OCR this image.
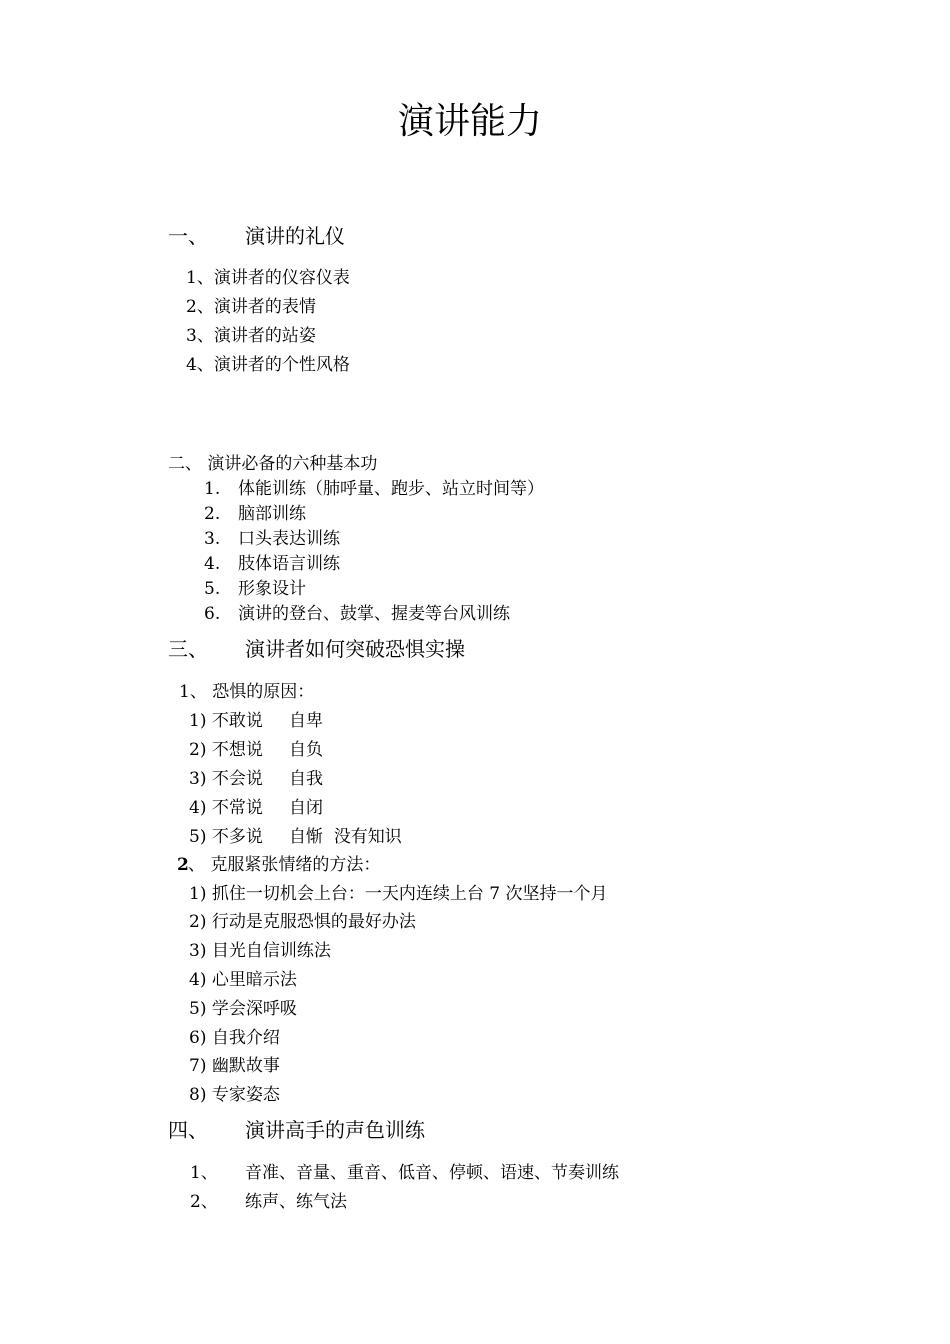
演讲能力
一、 演讲的礼仪
1、演讲者的仪容仪表
2、演讲者的表情
3、演讲者的站姿
4、演讲者的个性风格
二、 演讲必备的六种基本功
1. 体能训练（肺呼量、跑步、站立时间等）
2. 脑部训练
3. 口头表达训练
4. 肢体语言训练
5. 形象设计
6. 演讲的登台、鼓掌、握麦等台风训练
三、 演讲者如何突破恐惧实操
1、 恐惧的原因：
1) 不敢说 自卑
2) 不想说 自负
3) 不会说 自我
4) 不常说 自闭
5) 不多说 自惭  没有知识
2 、 克服紧张情绪的方法：
1) 抓住一切机会上台：一天内连续上台 7 次坚持一个月
2) 行动是克服恐惧的最好办法
3) 目光自信训练法
4) 心里暗示法
5) 学会深呼吸
6) 自我介绍
7) 幽默故事
8) 专家姿态
四、 演讲高手的声色训练
1、 音准、音量、重音、低音、停顿、语速、节奏训练
2、 练声、练气法
